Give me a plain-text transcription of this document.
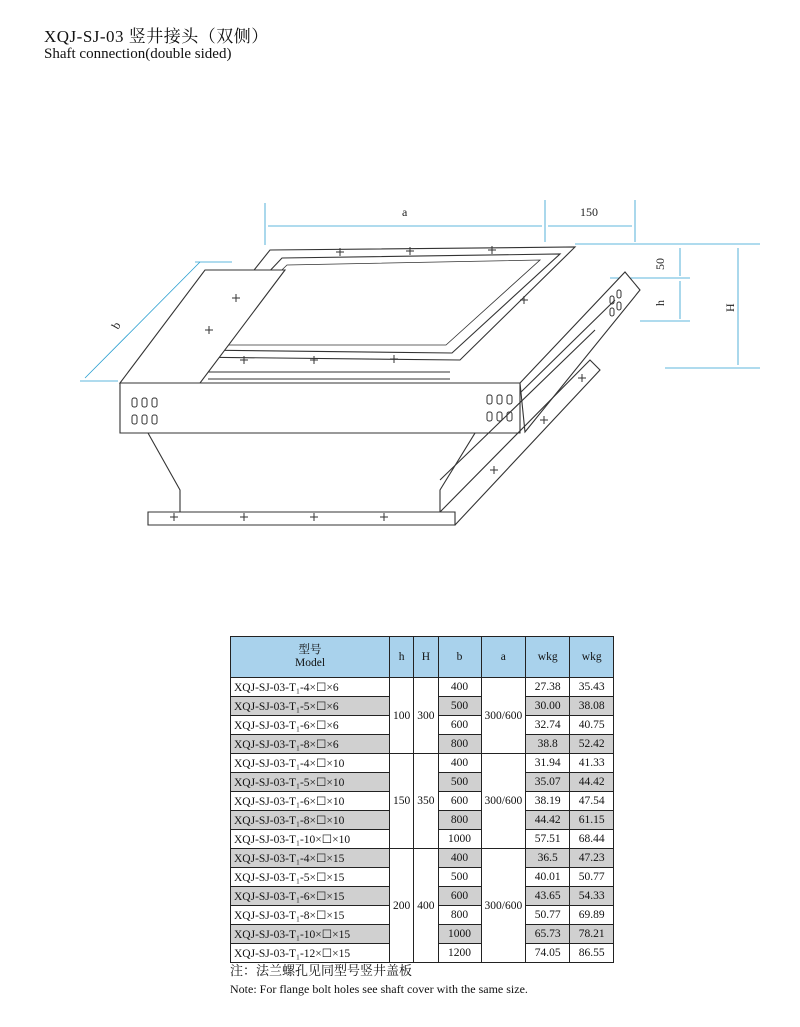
XQJ-SJ-03 竖井接头（双侧）
Shaft connection(double sided)
a	150
b
50
h
H
型号
Model	h	H	b	a	wkg	wkg
XQJ-SJ-03-T₁-4×☐×6	100	300	400	300/600	27.38	35.43
XQJ-SJ-03-T₁-5×☐×6			500		30.00	38.08
XQJ-SJ-03-T₁-6×☐×6			600		32.74	40.75
XQJ-SJ-03-T₁-8×☐×6			800		38.8	52.42
XQJ-SJ-03-T₁-4×☐×10	150	350	400	300/600	31.94	41.33
XQJ-SJ-03-T₁-5×☐×10			500		35.07	44.42
XQJ-SJ-03-T₁-6×☐×10			600		38.19	47.54
XQJ-SJ-03-T₁-8×☐×10			800		44.42	61.15
XQJ-SJ-03-T₁-10×☐×10			1000		57.51	68.44
XQJ-SJ-03-T₁-4×☐×15	200	400	400	300/600	36.5	47.23
XQJ-SJ-03-T₁-5×☐×15			500		40.01	50.77
XQJ-SJ-03-T₁-6×☐×15			600		43.65	54.33
XQJ-SJ-03-T₁-8×☐×15			800		50.77	69.89
XQJ-SJ-03-T₁-10×☐×15			1000		65.73	78.21
XQJ-SJ-03-T₁-12×☐×15			1200		74.05	86.55
注：法兰螺孔见同型号竖井盖板
Note: For flange bolt holes see shaft cover with the same size.
